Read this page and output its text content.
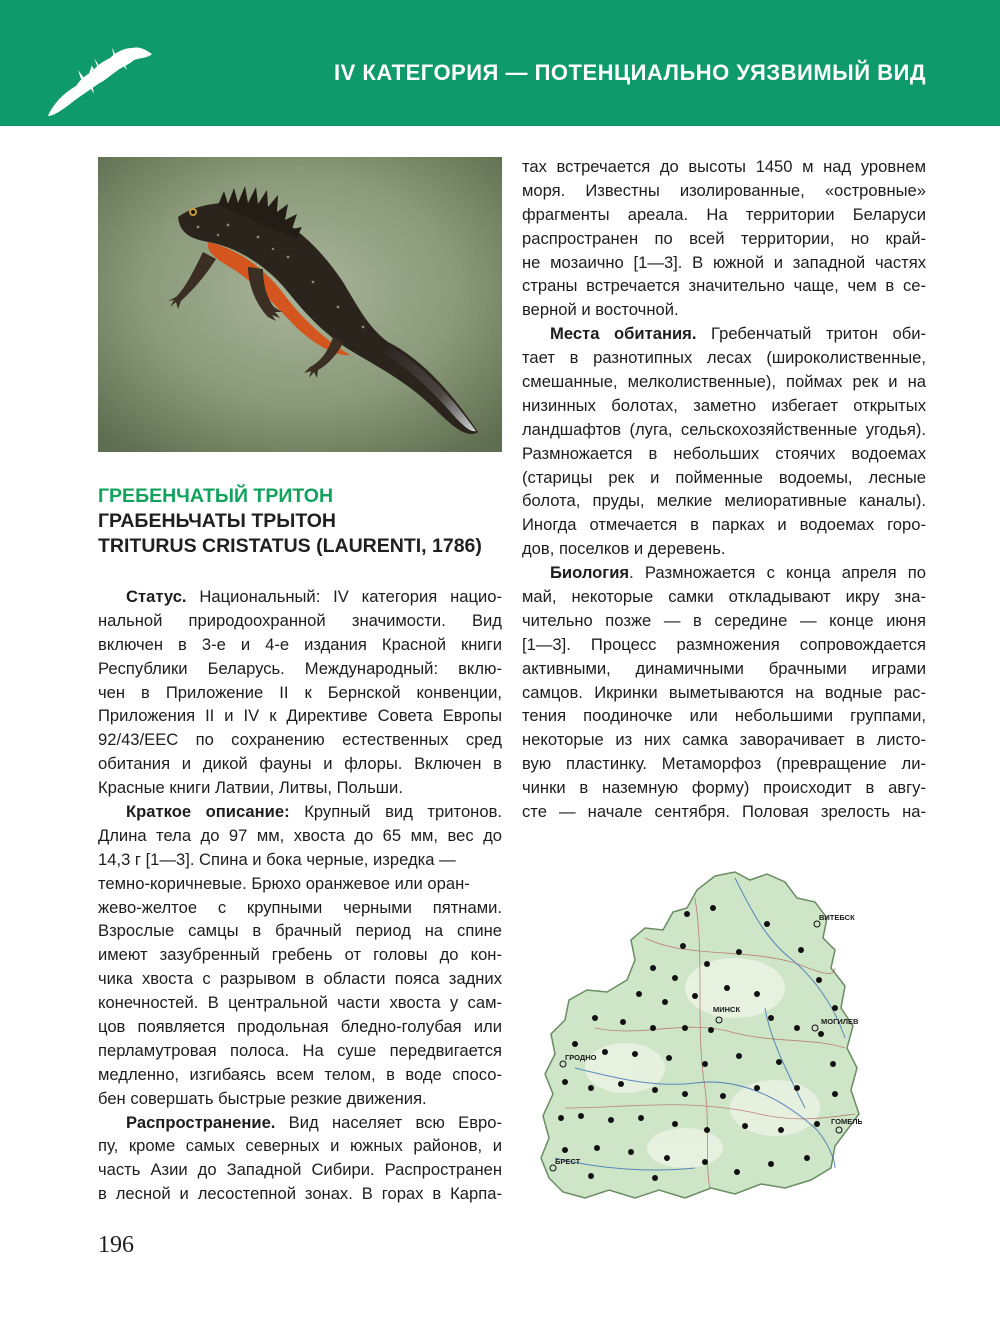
IV КАТЕГОРИЯ — ПОТЕНЦИАЛЬНО УЯЗВИМЫЙ ВИД
ГРЕБЕНЧАТЫЙ ТРИТОН
ГРАБЕНЬЧАТЫ ТРЫТОН
TRITURUS CRISTATUS (LAURENTI, 1786)
Статус. Национальный: IV категория нацио-
нальной природоохранной значимости. Вид
включен в 3-е и 4-е издания Красной книги
Республики Беларусь. Международный: вклю-
чен в Приложение II к Бернской конвенции,
Приложения II и IV к Директиве Совета Европы
92/43/EEC по сохранению естественных сред
обитания и дикой фауны и флоры. Включен в
Красные книги Латвии, Литвы, Польши.
Краткое описание: Крупный вид тритонов.
Длина тела до 97 мм, хвоста до 65 мм, вес до
14,3 г [1—3]. Спина и бока черные, изредка —
темно-коричневые. Брюхо оранжевое или оран-
жево-желтое с крупными черными пятнами.
Взрослые самцы в брачный период на спине
имеют зазубренный гребень от головы до кон-
чика хвоста с разрывом в области пояса задних
конечностей. В центральной части хвоста у сам-
цов появляется продольная бледно-голубая или
перламутровая полоса. На суше передвигается
медленно, изгибаясь всем телом, в воде спосо-
бен совершать быстрые резкие движения.
Распространение. Вид населяет всю Евро-
пу, кроме самых северных и южных районов, и
часть Азии до Западной Сибири. Распространен
в лесной и лесостепной зонах. В горах в Карпа-
тах встречается до высоты 1450 м над уровнем
моря. Известны изолированные, «островные»
фрагменты ареала. На территории Беларуси
распространен по всей территории, но край-
не мозаично [1—3]. В южной и западной частях
страны встречается значительно чаще, чем в се-
верной и восточной.
Места обитания. Гребенчатый тритон оби-
тает в разнотипных лесах (широколиственные,
смешанные, мелколиственные), поймах рек и на
низинных болотах, заметно избегает открытых
ландшафтов (луга, сельскохозяйственные угодья).
Размножается в небольших стоячих водоемах
(старицы рек и пойменные водоемы, лесные
болота, пруды, мелкие мелиоративные каналы).
Иногда отмечается в парках и водоемах горо-
дов, поселков и деревень.
Биология. Размножается с конца апреля по
май, некоторые самки откладывают икру зна-
чительно позже — в середине — конце июня
[1—3]. Процесс размножения сопровождается
активными, динамичными брачными играми
самцов. Икринки выметываются на водные рас-
тения поодиночке или небольшими группами,
некоторые из них самка заворачивает в листо-
вую пластинку. Метаморфоз (превращение ли-
чинки в наземную форму) происходит в авгу-
сте — начале сентября. Половая зрелость на-
ВИТЕБСК
МОГИЛЕВ
МИНСК
ГРОДНО
ГОМЕЛЬ
БРЕСТ
196
